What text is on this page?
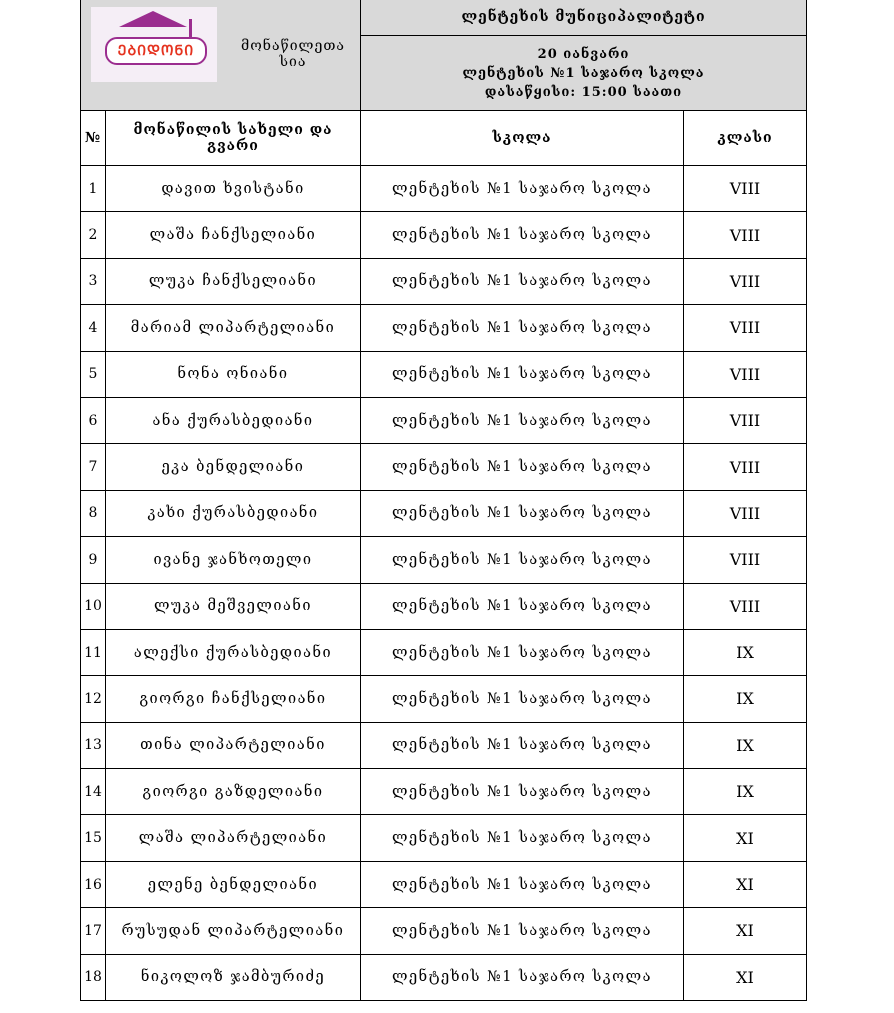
ᲔᲑᲘᲓᲝᲜᲘ მონაწილეთა სია		ლენტეხის მუნიციპალიტეტი	

		20 იანვარი
ლენტეხის №1 საჯარო სკოლა
დასაწყისი: 15:00 საათი	

№	მონაწილის სახელი და გვარი	სკოლა	კლასი
1	დავით ხვისტანი	ლენტეხის №1 საჯარო სკოლა	VIII
2	ლაშა ჩანქსელიანი	ლენტეხის №1 საჯარო სკოლა	VIII
3	ლუკა ჩანქსელიანი	ლენტეხის №1 საჯარო სკოლა	VIII
4	მარიამ ლიპარტელიანი	ლენტეხის №1 საჯარო სკოლა	VIII
5	ნონა ონიანი	ლენტეხის №1 საჯარო სკოლა	VIII
6	ანა ქურასბედიანი	ლენტეხის №1 საჯარო სკოლა	VIII
7	ეკა ბენდელიანი	ლენტეხის №1 საჯარო სკოლა	VIII
8	კახი ქურასბედიანი	ლენტეხის №1 საჯარო სკოლა	VIII
9	ივანე ჯანხოთელი	ლენტეხის №1 საჯარო სკოლა	VIII
10	ლუკა მეშველიანი	ლენტეხის №1 საჯარო სკოლა	VIII
11	ალექსი ქურასბედიანი	ლენტეხის №1 საჯარო სკოლა	IX
12	გიორგი ჩანქსელიანი	ლენტეხის №1 საჯარო სკოლა	IX
13	თინა ლიპარტელიანი	ლენტეხის №1 საჯარო სკოლა	IX
14	გიორგი გაზდელიანი	ლენტეხის №1 საჯარო სკოლა	IX
15	ლაშა ლიპარტელიანი	ლენტეხის №1 საჯარო სკოლა	XI
16	ელენე ბენდელიანი	ლენტეხის №1 საჯარო სკოლა	XI
17	რუსუდან ლიპარტელიანი	ლენტეხის №1 საჯარო სკოლა	XI
18	ნიკოლოზ ჯამბურიძე	ლენტეხის №1 საჯარო სკოლა	XI
